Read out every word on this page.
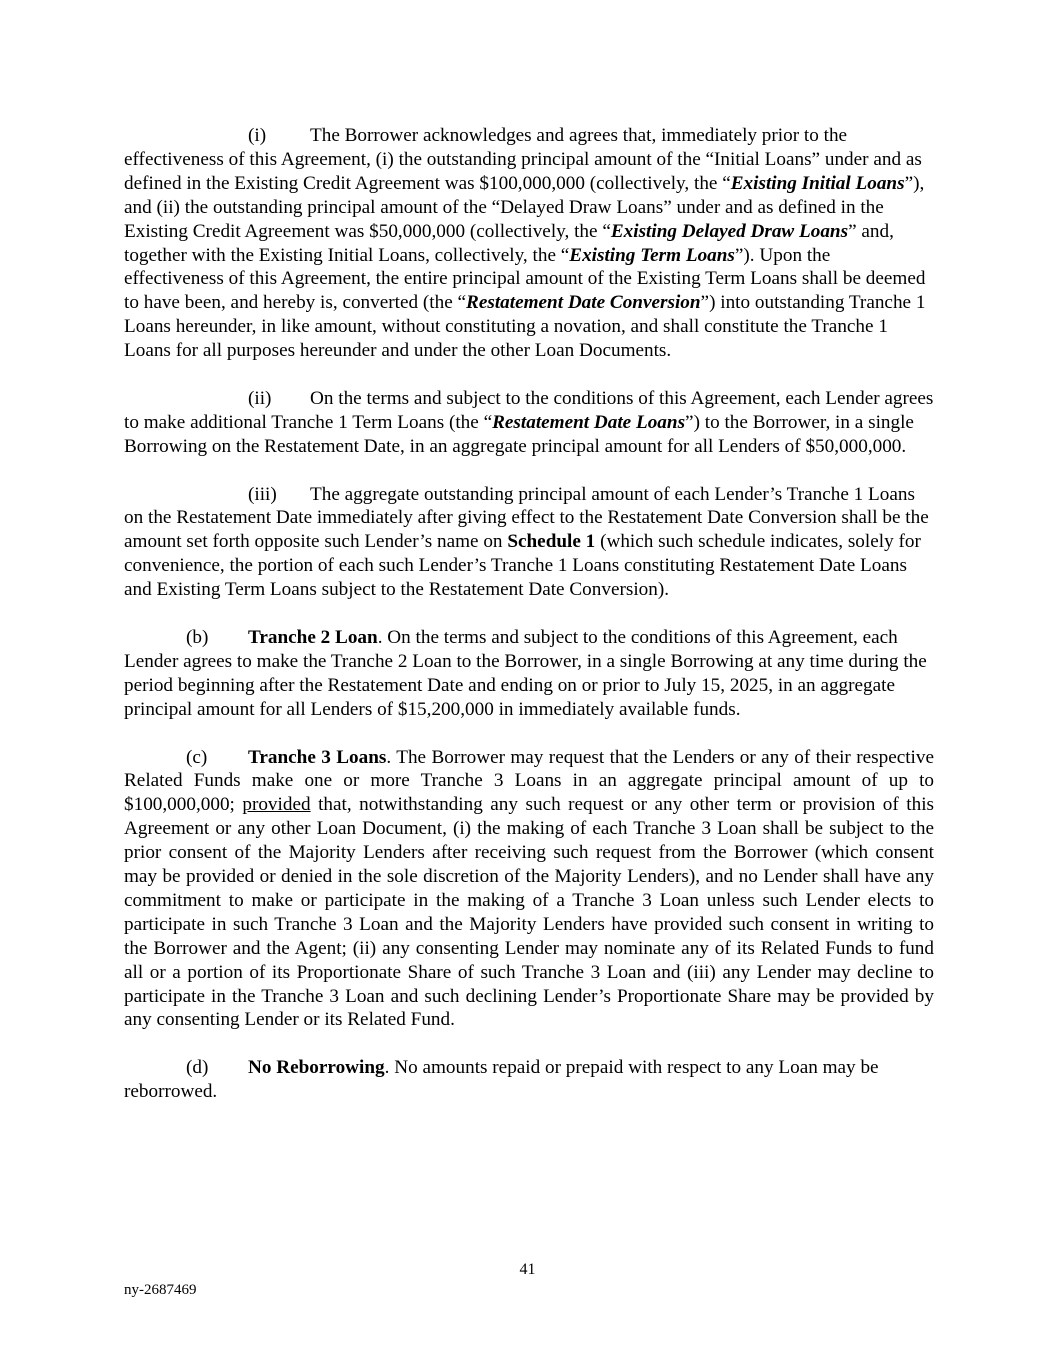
(i) The Borrower acknowledges and agrees that, immediately prior to the effectiveness of this Agreement, (i) the outstanding principal amount of the “Initial Loans” under and as defined in the Existing Credit Agreement was $100,000,000 (collectively, the “Existing Initial Loans”), and (ii) the outstanding principal amount of the “Delayed Draw Loans” under and as defined in the Existing Credit Agreement was $50,000,000 (collectively, the “Existing Delayed Draw Loans” and, together with the Existing Initial Loans, collectively, the “Existing Term Loans”). Upon the effectiveness of this Agreement, the entire principal amount of the Existing Term Loans shall be deemed to have been, and hereby is, converted (the “Restatement Date Conversion”) into outstanding Tranche 1 Loans hereunder, in like amount, without constituting a novation, and shall constitute the Tranche 1 Loans for all purposes hereunder and under the other Loan Documents.

(ii) On the terms and subject to the conditions of this Agreement, each Lender agrees to make additional Tranche 1 Term Loans (the “Restatement Date Loans”) to the Borrower, in a single Borrowing on the Restatement Date, in an aggregate principal amount for all Lenders of $50,000,000.

(iii) The aggregate outstanding principal amount of each Lender’s Tranche 1 Loans on the Restatement Date immediately after giving effect to the Restatement Date Conversion shall be the amount set forth opposite such Lender’s name on Schedule 1 (which such schedule indicates, solely for convenience, the portion of each such Lender’s Tranche 1 Loans constituting Restatement Date Loans and Existing Term Loans subject to the Restatement Date Conversion).

(b) Tranche 2 Loan. On the terms and subject to the conditions of this Agreement, each Lender agrees to make the Tranche 2 Loan to the Borrower, in a single Borrowing at any time during the period beginning after the Restatement Date and ending on or prior to July 15, 2025, in an aggregate principal amount for all Lenders of $15,200,000 in immediately available funds.

(c) Tranche 3 Loans. The Borrower may request that the Lenders or any of their respective Related Funds make one or more Tranche 3 Loans in an aggregate principal amount of up to $100,000,000; provided that, notwithstanding any such request or any other term or provision of this Agreement or any other Loan Document, (i) the making of each Tranche 3 Loan shall be subject to the prior consent of the Majority Lenders after receiving such request from the Borrower (which consent may be provided or denied in the sole discretion of the Majority Lenders), and no Lender shall have any commitment to make or participate in the making of a Tranche 3 Loan unless such Lender elects to participate in such Tranche 3 Loan and the Majority Lenders have provided such consent in writing to the Borrower and the Agent; (ii) any consenting Lender may nominate any of its Related Funds to fund all or a portion of its Proportionate Share of such Tranche 3 Loan and (iii) any Lender may decline to participate in the Tranche 3 Loan and such declining Lender’s Proportionate Share may be provided by any consenting Lender or its Related Fund.

(d) No Reborrowing. No amounts repaid or prepaid with respect to any Loan may be reborrowed.

41
ny-2687469
